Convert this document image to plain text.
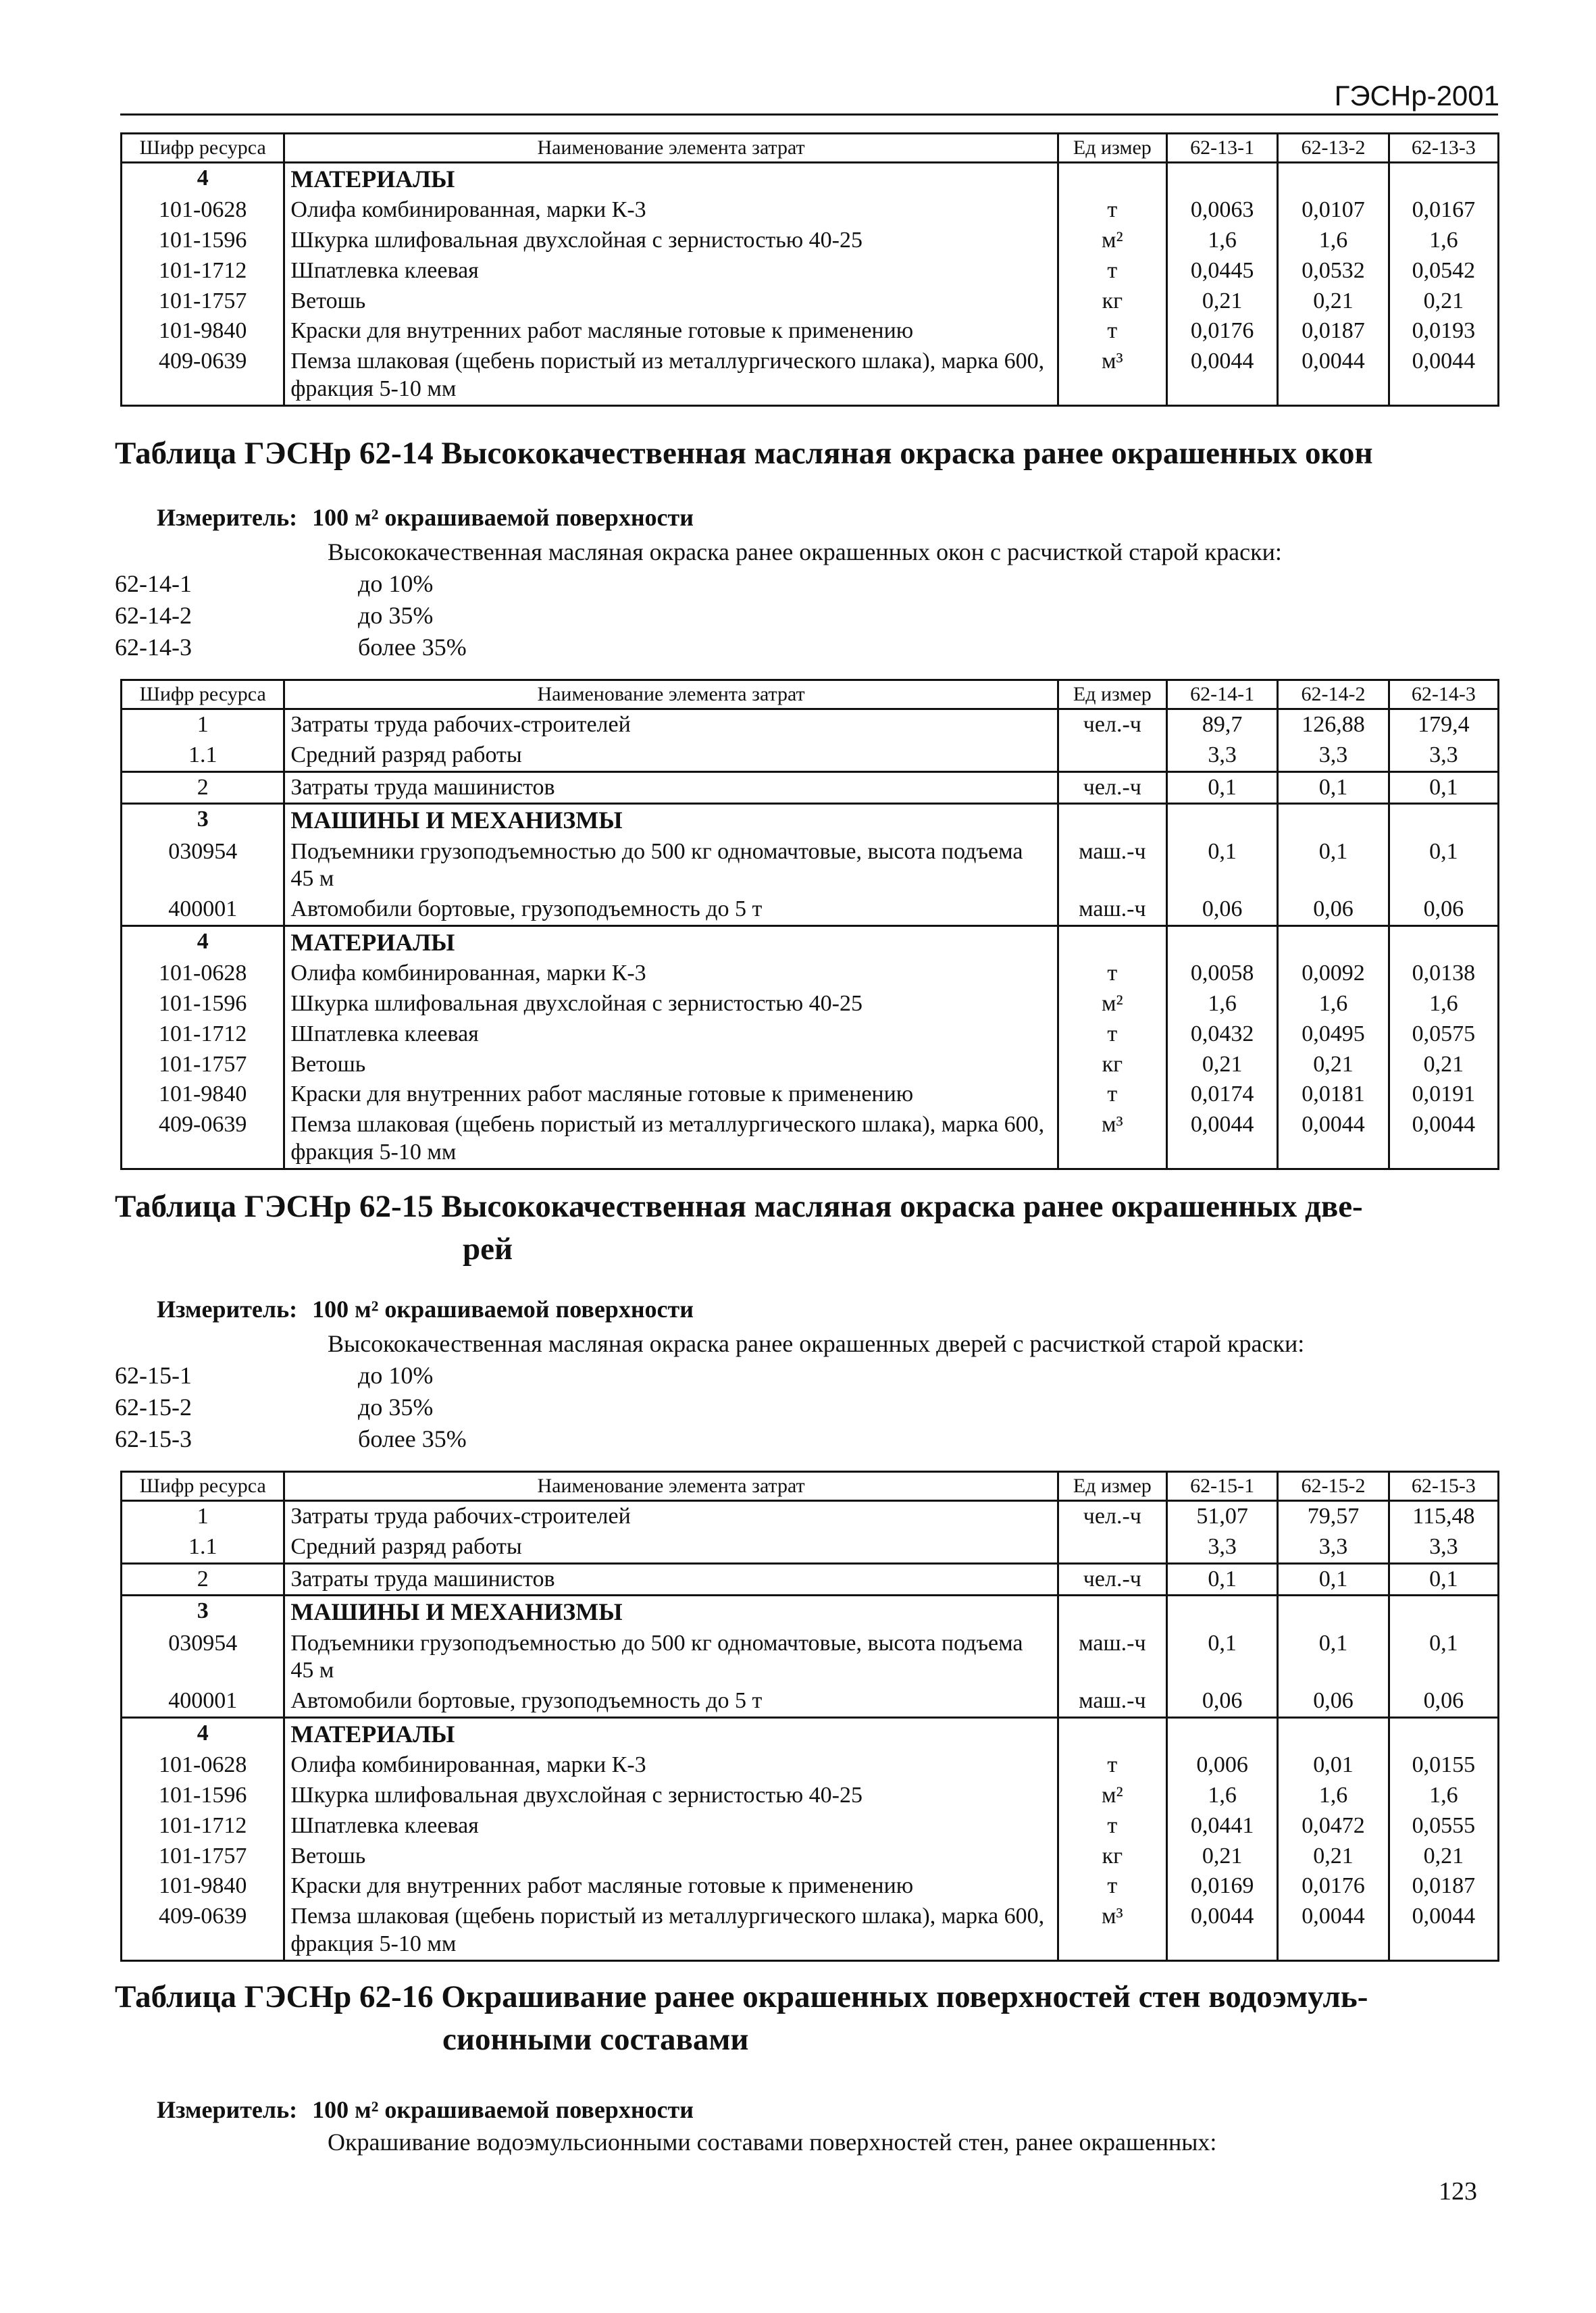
ГЭСНр-2001
Шифр ресурса	Наименование элемента затрат	Ед измер	62-13-1	62-13-2	62-13-3
4	МАТЕРИАЛЫ				
101-0628	Олифа комбинированная, марки К-3	т	0,0063	0,0107	0,0167
101-1596	Шкурка шлифовальная двухслойная с зернистостью 40-25	м²	1,6	1,6	1,6
101-1712	Шпатлевка клеевая	т	0,0445	0,0532	0,0542
101-1757	Ветошь	кг	0,21	0,21	0,21
101-9840	Краски для внутренних работ масляные готовые к применению	т	0,0176	0,0187	0,0193
409-0639	Пемза шлаковая (щебень пористый из металлургического шлака), марка 600, фракция 5-10 мм	м³	0,0044	0,0044	0,0044
Таблица ГЭСНр 62-14 Высококачественная масляная окраска ранее окрашенных окон
Измеритель: 100 м² окрашиваемой поверхности
Высококачественная масляная окраска ранее окрашенных окон с расчисткой старой краски:
62-14-1	до 10%
62-14-2	до 35%
62-14-3	более 35%
Шифр ресурса	Наименование элемента затрат	Ед измер	62-14-1	62-14-2	62-14-3
1	Затраты труда рабочих-строителей	чел.-ч	89,7	126,88	179,4
1.1	Средний разряд работы		3,3	3,3	3,3
2	Затраты труда машинистов	чел.-ч	0,1	0,1	0,1
3	МАШИНЫ И МЕХАНИЗМЫ				
030954	Подъемники грузоподъемностью до 500 кг одномачтовые, высота подъема 45 м	маш.-ч	0,1	0,1	0,1
400001	Автомобили бортовые, грузоподъемность до 5 т	маш.-ч	0,06	0,06	0,06
4	МАТЕРИАЛЫ				
101-0628	Олифа комбинированная, марки К-3	т	0,0058	0,0092	0,0138
101-1596	Шкурка шлифовальная двухслойная с зернистостью 40-25	м²	1,6	1,6	1,6
101-1712	Шпатлевка клеевая	т	0,0432	0,0495	0,0575
101-1757	Ветошь	кг	0,21	0,21	0,21
101-9840	Краски для внутренних работ масляные готовые к применению	т	0,0174	0,0181	0,0191
409-0639	Пемза шлаковая (щебень пористый из металлургического шлака), марка 600, фракция 5-10 мм	м³	0,0044	0,0044	0,0044
Таблица ГЭСНр 62-15 Высококачественная масляная окраска ранее окрашенных две-
рей
Измеритель: 100 м² окрашиваемой поверхности
Высококачественная масляная окраска ранее окрашенных дверей с расчисткой старой краски:
62-15-1	до 10%
62-15-2	до 35%
62-15-3	более 35%
Шифр ресурса	Наименование элемента затрат	Ед измер	62-15-1	62-15-2	62-15-3
1	Затраты труда рабочих-строителей	чел.-ч	51,07	79,57	115,48
1.1	Средний разряд работы		3,3	3,3	3,3
2	Затраты труда машинистов	чел.-ч	0,1	0,1	0,1
3	МАШИНЫ И МЕХАНИЗМЫ				
030954	Подъемники грузоподъемностью до 500 кг одномачтовые, высота подъема 45 м	маш.-ч	0,1	0,1	0,1
400001	Автомобили бортовые, грузоподъемность до 5 т	маш.-ч	0,06	0,06	0,06
4	МАТЕРИАЛЫ				
101-0628	Олифа комбинированная, марки К-3	т	0,006	0,01	0,0155
101-1596	Шкурка шлифовальная двухслойная с зернистостью 40-25	м²	1,6	1,6	1,6
101-1712	Шпатлевка клеевая	т	0,0441	0,0472	0,0555
101-1757	Ветошь	кг	0,21	0,21	0,21
101-9840	Краски для внутренних работ масляные готовые к применению	т	0,0169	0,0176	0,0187
409-0639	Пемза шлаковая (щебень пористый из металлургического шлака), марка 600, фракция 5-10 мм	м³	0,0044	0,0044	0,0044
Таблица ГЭСНр 62-16 Окрашивание ранее окрашенных поверхностей стен водоэмуль-
сионными составами
Измеритель: 100 м² окрашиваемой поверхности
Окрашивание водоэмульсионными составами поверхностей стен, ранее окрашенных:
123
